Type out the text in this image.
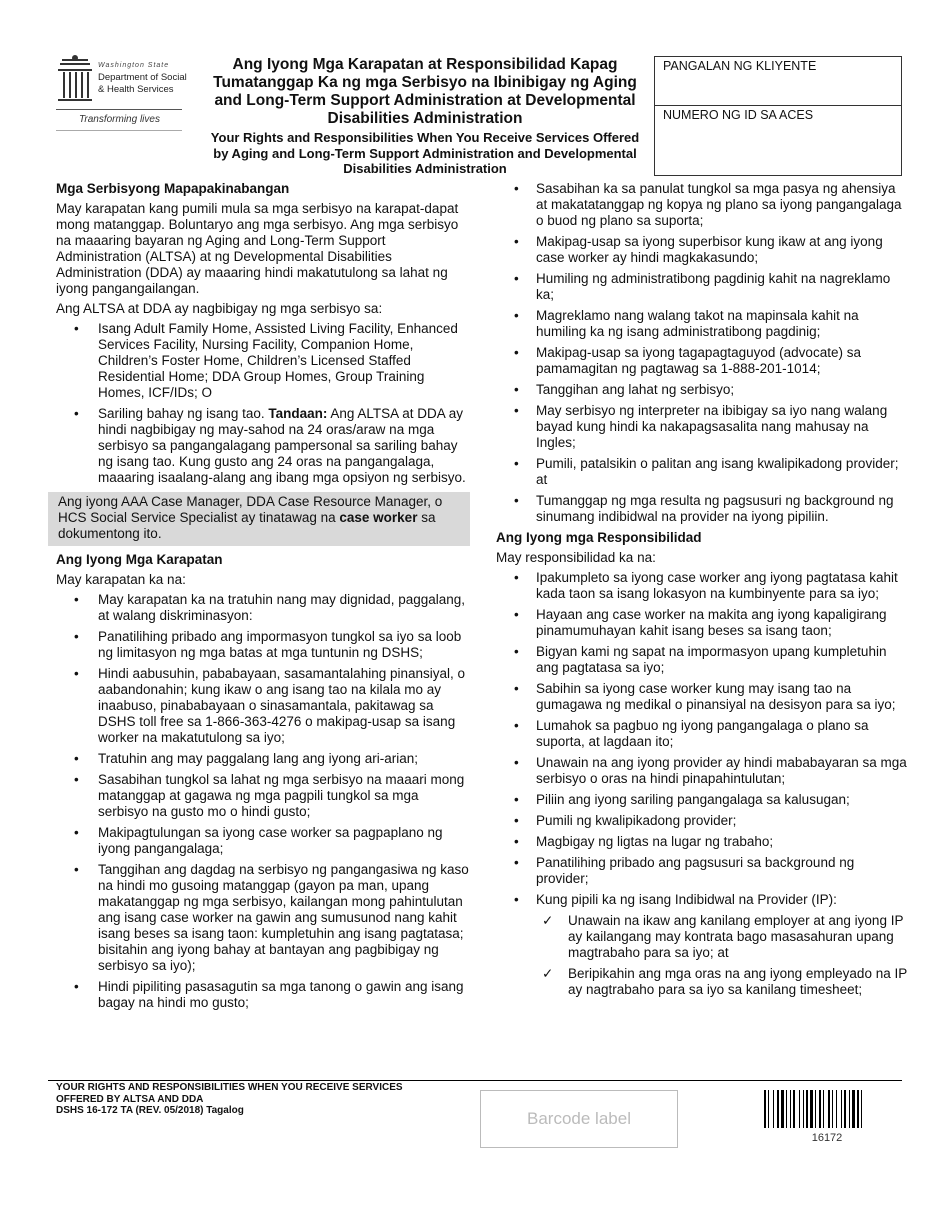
Washington State
Department of Social
& Health Services
Transforming lives
Ang Iyong Mga Karapatan at Responsibilidad Kapag Tumatanggap Ka ng mga Serbisyo na Ibinibigay ng Aging and Long-Term Support Administration at Developmental Disabilities Administration
Your Rights and Responsibilities When You Receive Services Offered by Aging and Long-Term Support Administration and Developmental Disabilities Administration
PANGALAN NG KLIYENTE
NUMERO NG ID SA ACES
Mga Serbisyong Mapapakinabangan

May karapatan kang pumili mula sa mga serbisyo na karapat-dapat mong matanggap. Boluntaryo ang mga serbisyo. Ang mga serbisyo na maaaring bayaran ng Aging and Long-Term Support Administration (ALTSA) at ng Developmental Disabilities Administration (DDA) ay maaaring hindi makatutulong sa lahat ng iyong pangangailangan.

Ang ALTSA at DDA ay nagbibigay ng mga serbisyo sa:

• Isang Adult Family Home, Assisted Living Facility, Enhanced Services Facility, Nursing Facility, Companion Home, Children’s Foster Home, Children’s Licensed Staffed Residential Home; DDA Group Homes, Group Training Homes, ICF/IDs; O
• Sariling bahay ng isang tao. Tandaan: Ang ALTSA at DDA ay hindi nagbibigay ng may-sahod na 24 oras/araw na mga serbisyo sa pangangalagang pampersonal sa sariling bahay ng isang tao. Kung gusto ang 24 oras na pangangalaga, maaaring isaalang-alang ang ibang mga opsiyon ng serbisyo.
Ang iyong AAA Case Manager, DDA Case Resource Manager, o HCS Social Service Specialist ay tinatawag na case worker sa dokumentong ito.
Ang Iyong Mga Karapatan

May karapatan ka na:

• May karapatan ka na tratuhin nang may dignidad, paggalang, at walang diskriminasyon:
• Panatilihing pribado ang impormasyon tungkol sa iyo sa loob ng limitasyon ng mga batas at mga tuntunin ng DSHS;
• Hindi aabusuhin, pababayaan, sasamantalahing pinansiyal, o aabandonahin; kung ikaw o ang isang tao na kilala mo ay inaabuso, pinababayaan o sinasamantala, pakitawag sa DSHS toll free sa 1-866-363-4276 o makipag-usap sa isang worker na makatutulong sa iyo;
• Tratuhin ang may paggalang lang ang iyong ari-arian;
• Sasabihan tungkol sa lahat ng mga serbisyo na maaari mong matanggap at gagawa ng mga pagpili tungkol sa mga serbisyo na gusto mo o hindi gusto;
• Makipagtulungan sa iyong case worker sa pagpaplano ng iyong pangangalaga;
• Tanggihan ang dagdag na serbisyo ng pangangasiwa ng kaso na hindi mo gusoing matanggap (gayon pa man, upang makatanggap ng mga serbisyo, kailangan mong pahintulutan ang isang case worker na gawin ang sumusunod nang kahit isang beses sa isang taon: kumpletuhin ang isang pagtatasa; bisitahin ang iyong bahay at bantayan ang pagbibigay ng serbisyo sa iyo);
• Hindi pipiliting pasasagutin sa mga tanong o gawin ang isang bagay na hindi mo gusto;
• Sasabihan ka sa panulat tungkol sa mga pasya ng ahensiya at makatatanggap ng kopya ng plano sa iyong pangangalaga o buod ng plano sa suporta;
• Makipag-usap sa iyong superbisor kung ikaw at ang iyong case worker ay hindi magkakasundo;
• Humiling ng administratibong pagdinig kahit na nagreklamo ka;
• Magreklamo nang walang takot na mapinsala kahit na humiling ka ng isang administratibong pagdinig;
• Makipag-usap sa iyong tagapagtaguyod (advocate) sa pamamagitan ng pagtawag sa 1-888-201-1014;
• Tanggihan ang lahat ng serbisyo;
• May serbisyo ng interpreter na ibibigay sa iyo nang walang bayad kung hindi ka nakapagsasalita nang mahusay na Ingles;
• Pumili, patalsikin o palitan ang isang kwalipikadong provider; at
• Tumanggap ng mga resulta ng pagsusuri ng background ng sinumang indibidwal na provider na iyong pipiliin.
Ang Iyong mga Responsibilidad

May responsibilidad ka na:

• Ipakumpleto sa iyong case worker ang iyong pagtatasa kahit kada taon sa isang lokasyon na kumbinyente para sa iyo;
• Hayaan ang case worker na makita ang iyong kapaligirang pinamumuhayan kahit isang beses sa isang taon;
• Bigyan kami ng sapat na impormasyon upang kumpletuhin ang pagtatasa sa iyo;
• Sabihin sa iyong case worker kung may isang tao na gumagawa ng medikal o pinansiyal na desisyon para sa iyo;
• Lumahok sa pagbuo ng iyong pangangalaga o plano sa suporta, at lagdaan ito;
• Unawain na ang iyong provider ay hindi mababayaran sa mga serbisyo o oras na hindi pinapahintulutan;
• Piliin ang iyong sariling pangangalaga sa kalusugan;
• Pumili ng kwalipikadong provider;
• Magbigay ng ligtas na lugar ng trabaho;
• Panatilihing pribado ang pagsusuri sa background ng provider;
• Kung pipili ka ng isang Indibidwal na Provider (IP):
✓ Unawain na ikaw ang kanilang employer at ang iyong IP ay kailangang may kontrata bago masasahuran upang magtrabaho para sa iyo; at
✓ Beripikahin ang mga oras na ang iyong empleyado na IP ay nagtrabaho para sa iyo sa kanilang timesheet;
YOUR RIGHTS AND RESPONSIBILITIES WHEN YOU RECEIVE SERVICES
OFFERED BY ALTSA AND DDA
DSHS 16-172 TA (REV. 05/2018) Tagalog	Barcode label
16172
